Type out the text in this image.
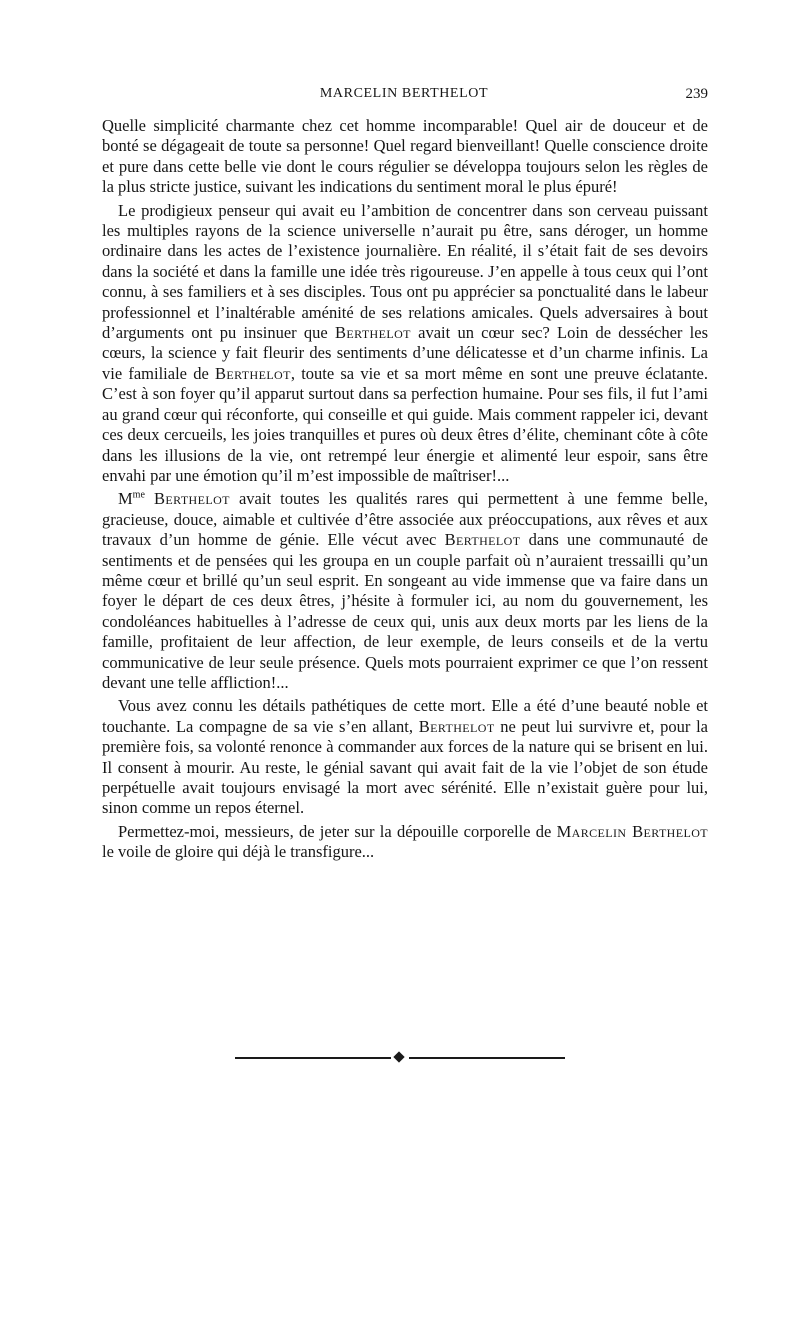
MARCELIN BERTHELOT	239

Quelle simplicité charmante chez cet homme incomparable! Quel air de douceur et de bonté se dégageait de toute sa personne! Quel regard bienveillant! Quelle conscience droite et pure dans cette belle vie dont le cours régulier se développa toujours selon les règles de la plus stricte justice, suivant les indications du sentiment moral le plus épuré!

Le prodigieux penseur qui avait eu l’ambition de concentrer dans son cerveau puissant les multiples rayons de la science universelle n’aurait pu être, sans déroger, un homme ordinaire dans les actes de l’existence journalière. En réalité, il s’était fait de ses devoirs dans la société et dans la famille une idée très rigoureuse. J’en appelle à tous ceux qui l’ont connu, à ses familiers et à ses disciples. Tous ont pu apprécier sa ponctualité dans le labeur professionnel et l’inaltérable aménité de ses relations amicales. Quels adversaires à bout d’arguments ont pu insinuer que Berthelot avait un cœur sec? Loin de dessécher les cœurs, la science y fait fleurir des sentiments d’une délicatesse et d’un charme infinis. La vie familiale de Berthelot, toute sa vie et sa mort même en sont une preuve éclatante. C’est à son foyer qu’il apparut surtout dans sa perfection humaine. Pour ses fils, il fut l’ami au grand cœur qui réconforte, qui conseille et qui guide. Mais comment rappeler ici, devant ces deux cercueils, les joies tranquilles et pures où deux êtres d’élite, cheminant côte à côte dans les illusions de la vie, ont retrempé leur énergie et alimenté leur espoir, sans être envahi par une émotion qu’il m’est impossible de maîtriser!...

$M^{me}$ Berthelot avait toutes les qualités rares qui permettent à une femme belle, gracieuse, douce, aimable et cultivée d’être associée aux préoccupations, aux rêves et aux travaux d’un homme de génie. Elle vécut avec Berthelot dans une communauté de sentiments et de pensées qui les groupa en un couple parfait où n’auraient tressailli qu’un même cœur et brillé qu’un seul esprit. En songeant au vide immense que va faire dans un foyer le départ de ces deux êtres, j’hésite à formuler ici, au nom du gouvernement, les condoléances habituelles à l’adresse de ceux qui, unis aux deux morts par les liens de la famille, profitaient de leur affection, de leur exemple, de leurs conseils et de la vertu communicative de leur seule présence. Quels mots pourraient exprimer ce que l’on ressent devant une telle affliction!...

Vous avez connu les détails pathétiques de cette mort. Elle a été d’une beauté noble et touchante. La compagne de sa vie s’en allant, Berthelot ne peut lui survivre et, pour la première fois, sa volonté renonce à commander aux forces de la nature qui se brisent en lui. Il consent à mourir. Au reste, le génial savant qui avait fait de la vie l’objet de son étude perpétuelle avait toujours envisagé la mort avec sérénité. Elle n’existait guère pour lui, sinon comme un repos éternel.

Permettez-moi, messieurs, de jeter sur la dépouille corporelle de Marcelin Berthelot le voile de gloire qui déjà le transfigure...
